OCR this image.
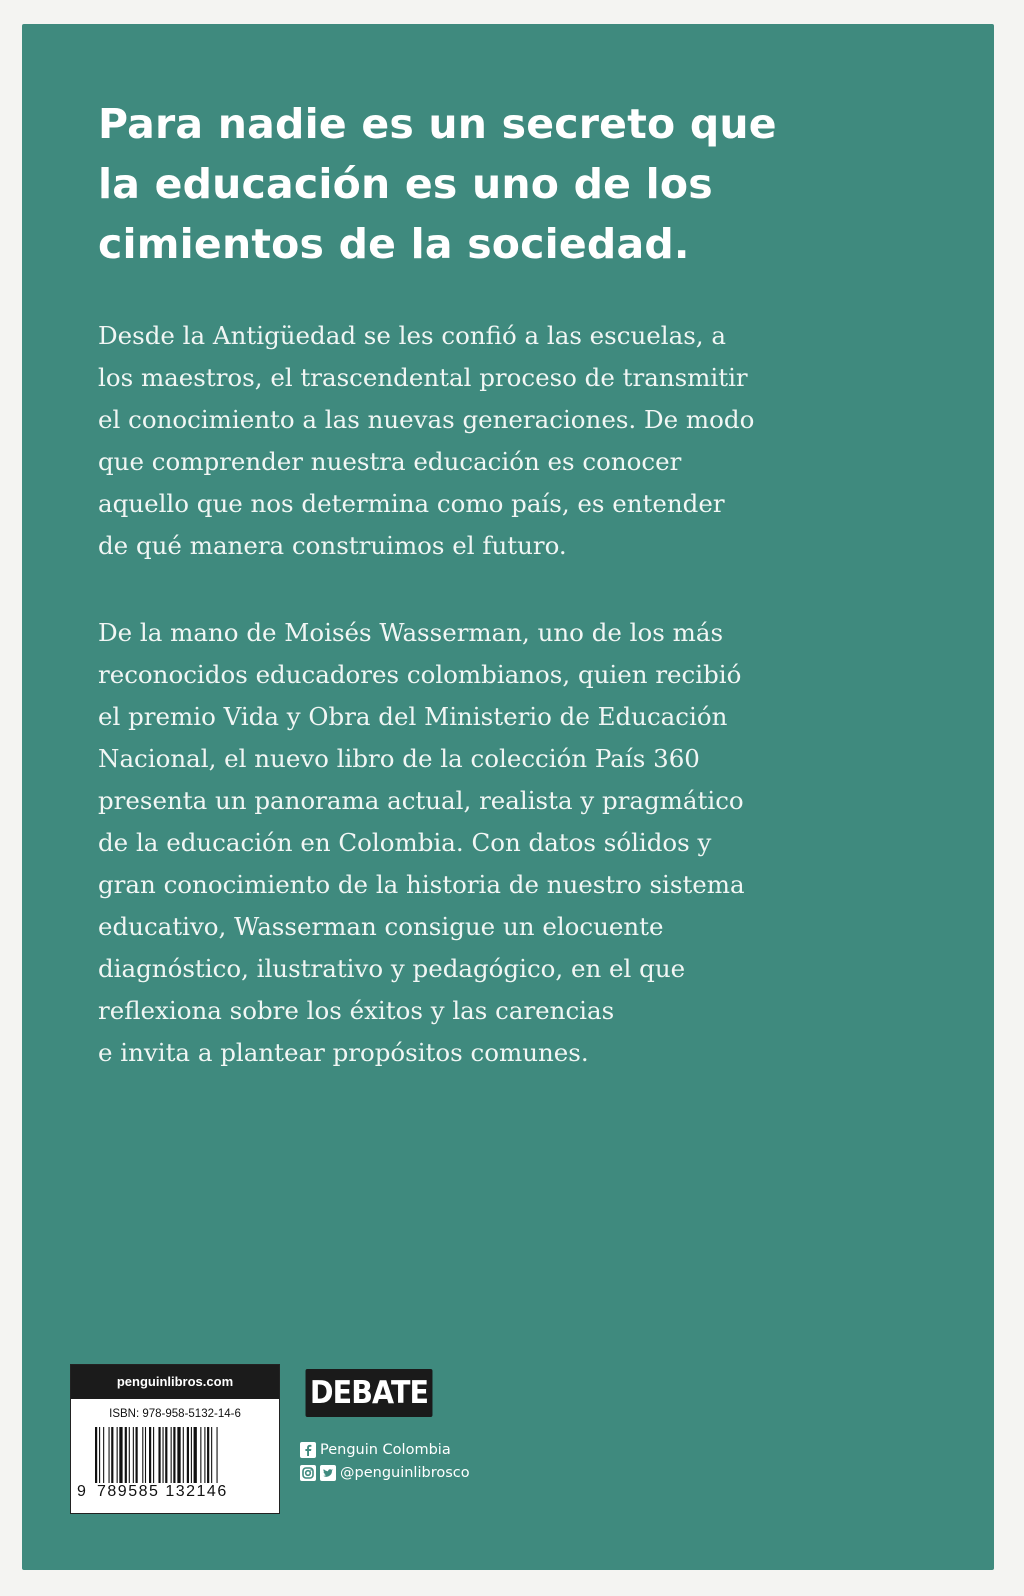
Para nadie es un secreto que
la educación es uno de los
cimientos de la sociedad.

Desde la Antigüedad se les confió a las escuelas, a
los maestros, el trascendental proceso de transmitir
el conocimiento a las nuevas generaciones. De modo
que comprender nuestra educación es conocer
aquello que nos determina como país, es entender
de qué manera construimos el futuro.

De la mano de Moisés Wasserman, uno de los más
reconocidos educadores colombianos, quien recibió
el premio Vida y Obra del Ministerio de Educación
Nacional, el nuevo libro de la colección País 360
presenta un panorama actual, realista y pragmático
de la educación en Colombia. Con datos sólidos y
gran conocimiento de la historia de nuestro sistema
educativo, Wasserman consigue un elocuente
diagnóstico, ilustrativo y pedagógico, en el que
reflexiona sobre los éxitos y las carencias
e invita a plantear propósitos comunes.

penguinlibros.com
ISBN: 978-958-5132-14-6
9 789585 132146
DEBATE
Penguin Colombia
@penguinlibrosco
